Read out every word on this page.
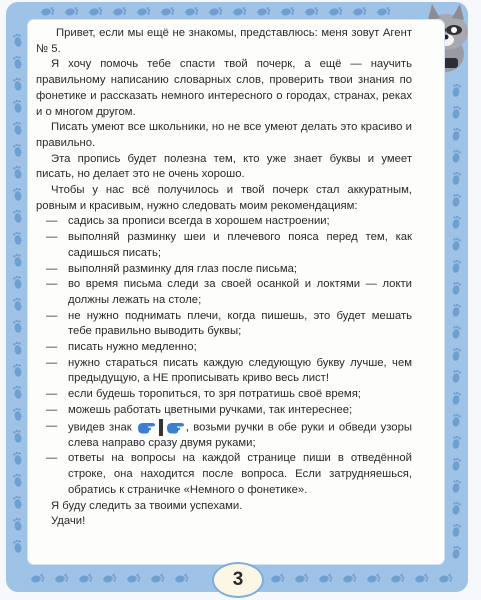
Привет, если мы ещё не знакомы, представлюсь: меня зовут Агент № 5.

Я хочу помочь тебе спасти твой почерк, а ещё — научить правильному написанию словарных слов, проверить твои знания по фонетике и рассказать немного интересного о городах, странах, реках и о многом другом.

Писать умеют все школьники, но не все умеют делать это красиво и правильно.

Эта пропись будет полезна тем, кто уже знает буквы и умеет писать, но делает это не очень хорошо.

Чтобы у нас всё получилось и твой почерк стал аккуратным, ровным и красивым, нужно следовать моим рекомендациям:

— садись за прописи всегда в хорошем настроении;
— выполняй разминку шеи и плечевого пояса перед тем, как садишься писать;
— выполняй разминку для глаз после письма;
— во время письма следи за своей осанкой и локтями — локти должны лежать на столе;
— не нужно поднимать плечи, когда пишешь, это будет мешать тебе правильно выводить буквы;
— писать нужно медленно;
— нужно стараться писать каждую следующую букву лучше, чем предыдущую, а НЕ прописывать криво весь лист!
— если будешь торопиться, то зря потратишь своё время;
— можешь работать цветными ручками, так интереснее;
— увидев знак	, возьми ручки в обе руки и обведи узоры слева направо сразу двумя руками;
— ответы на вопросы на каждой странице пиши в отведённой строке, она находится после вопроса. Если затрудняешься, обратись к страничке «Немного о фонетике».

Я буду следить за твоими успехами.

Удачи!

3
